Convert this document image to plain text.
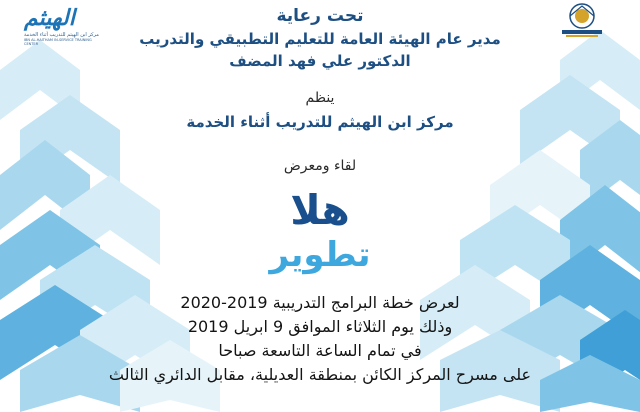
الهيثم
مركز ابن الهيثم للتدريب أثناء الخدمة
IBN AL-HAITHAM IN-SERVICE TRAINING CENTER
تحت رعاية
مدير عام الهيئة العامة للتعليم التطبيقي والتدريب
الدكتور علي فهد المضف
ينظم
مركز ابن الهيثم للتدريب أثناء الخدمة
لقاء ومعرض
هلا
تطوير
لعرض خطة البرامج التدريبية 2019-2020
وذلك يوم الثلاثاء الموافق 9 ابريل 2019
في تمام الساعة التاسعة صباحا
على مسرح المركز الكائن بمنطقة العديلية، مقابل الدائري الثالث
